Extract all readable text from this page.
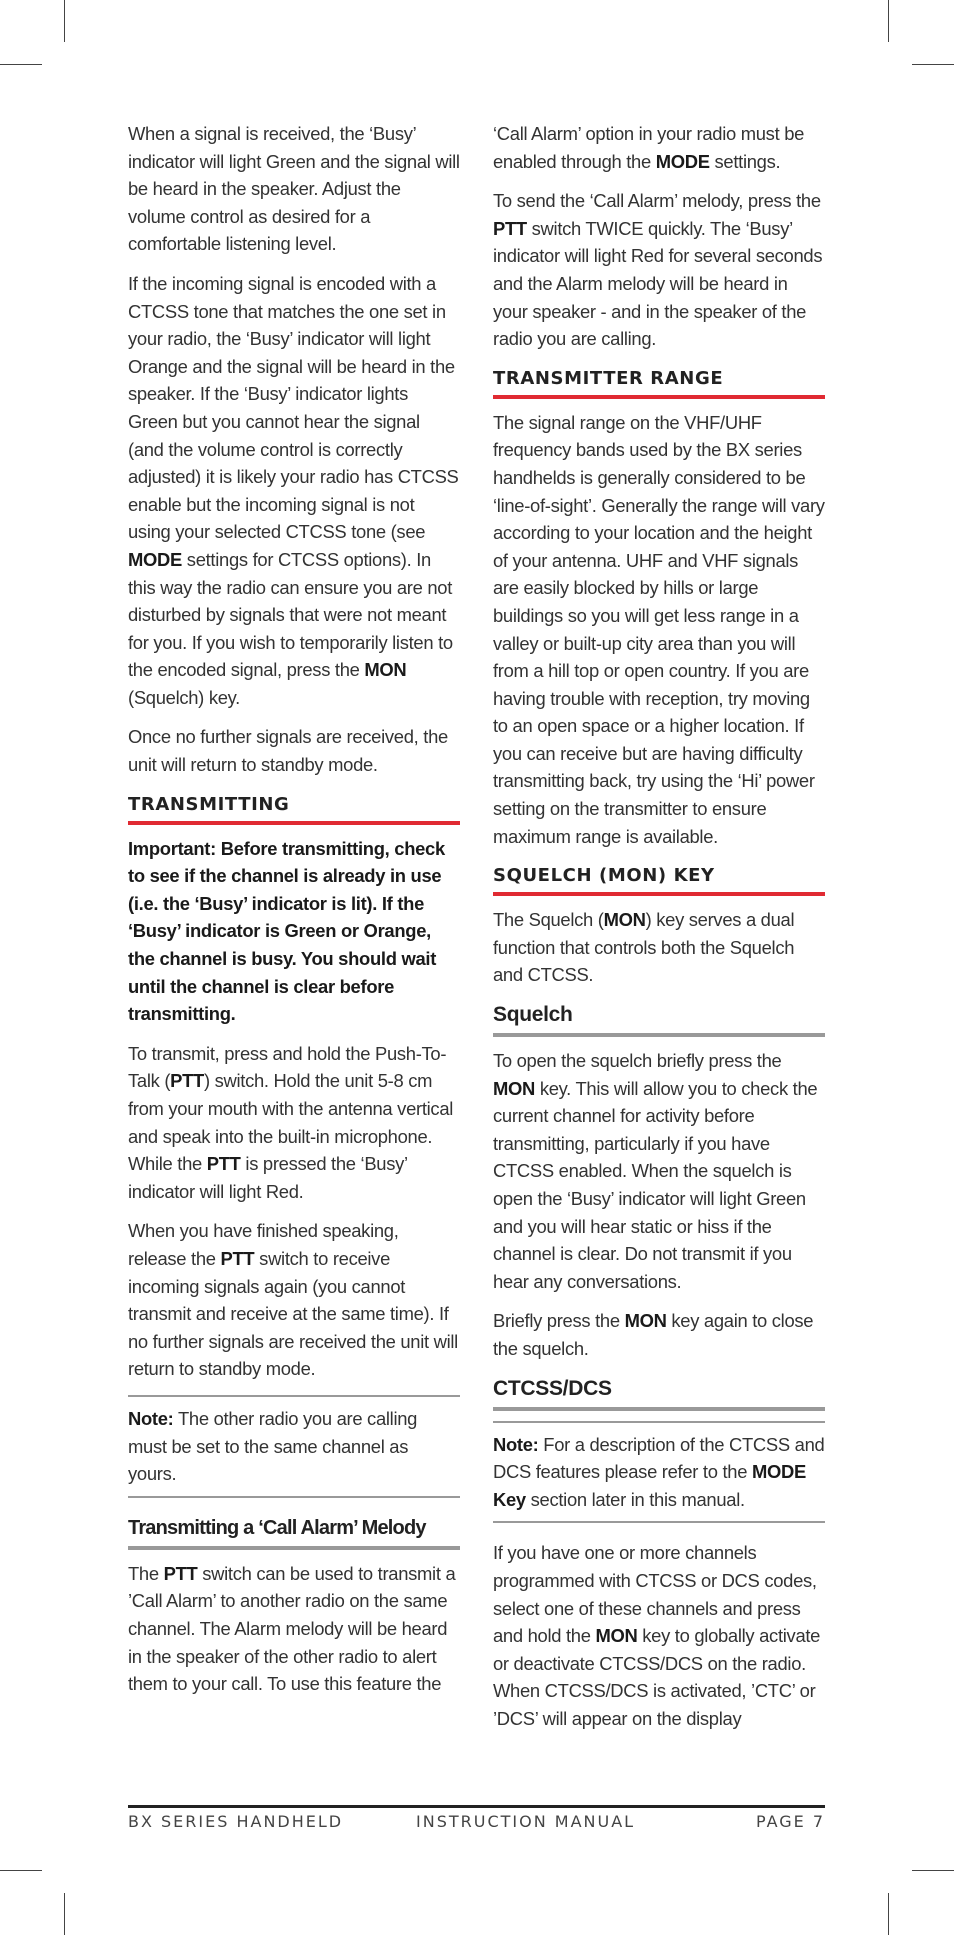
When a signal is received, the ‘Busy’ indicator will light Green and the signal will be heard in the speaker. Adjust the volume control as desired for a comfortable listening level.

If the incoming signal is encoded with a CTCSS tone that matches the one set in your radio, the ‘Busy’ indicator will light Orange and the signal will be heard in the speaker. If the ‘Busy’ indicator lights Green but you cannot hear the signal (and the volume control is correctly adjusted) it is likely your radio has CTCSS enable but the incoming signal is not using your selected CTCSS tone (see MODE settings for CTCSS options). In this way the radio can ensure you are not disturbed by signals that were not meant for you. If you wish to temporarily listen to the encoded signal, press the MON (Squelch) key.

Once no further signals are received, the unit will return to standby mode.

TRANSMITTING

Important: Before transmitting, check to see if the channel is already in use (i.e. the ‘Busy’ indicator is lit). If the ‘Busy’ indicator is Green or Orange, the channel is busy. You should wait until the channel is clear before transmitting.

To transmit, press and hold the Push-To-Talk (PTT) switch. Hold the unit 5-8 cm from your mouth with the antenna vertical and speak into the built-in microphone. While the PTT is pressed the ‘Busy’ indicator will light Red.

When you have finished speaking, release the PTT switch to receive incoming signals again (you cannot transmit and receive at the same time). If no further signals are received the unit will return to standby mode.

Note: The other radio you are calling must be set to the same channel as yours.

Transmitting a ‘Call Alarm’ Melody

The PTT switch can be used to transmit a ’Call Alarm’ to another radio on the same channel. The Alarm melody will be heard in the speaker of the other radio to alert them to your call. To use this feature the

‘Call Alarm’ option in your radio must be enabled through the MODE settings.

To send the ‘Call Alarm’ melody, press the PTT switch TWICE quickly. The ‘Busy’ indicator will light Red for several seconds and the Alarm melody will be heard in your speaker - and in the speaker of the radio you are calling.

TRANSMITTER RANGE

The signal range on the VHF/UHF frequency bands used by the BX series handhelds is generally considered to be ‘line-of-sight’. Generally the range will vary according to your location and the height of your antenna. UHF and VHF signals are easily blocked by hills or large buildings so you will get less range in a valley or built-up city area than you will from a hill top or open country. If you are having trouble with reception, try moving to an open space or a higher location. If you can receive but are having difficulty transmitting back, try using the ‘Hi’ power setting on the transmitter to ensure maximum range is available.

SQUELCH (MON) KEY

The Squelch (MON) key serves a dual function that controls both the Squelch and CTCSS.

Squelch

To open the squelch briefly press the MON key. This will allow you to check the current channel for activity before transmitting, particularly if you have CTCSS enabled. When the squelch is open the ‘Busy’ indicator will light Green and you will hear static or hiss if the channel is clear. Do not transmit if you hear any conversations.

Briefly press the MON key again to close the squelch.

CTCSS/DCS

Note: For a description of the CTCSS and DCS features please refer to the MODE Key section later in this manual.

If you have one or more channels programmed with CTCSS or DCS codes, select one of these channels and press and hold the MON key to globally activate or deactivate CTCSS/DCS on the radio. When CTCSS/DCS is activated, ’CTC’ or ’DCS’ will appear on the display

BX SERIES HANDHELD	INSTRUCTION MANUAL	PAGE 7
